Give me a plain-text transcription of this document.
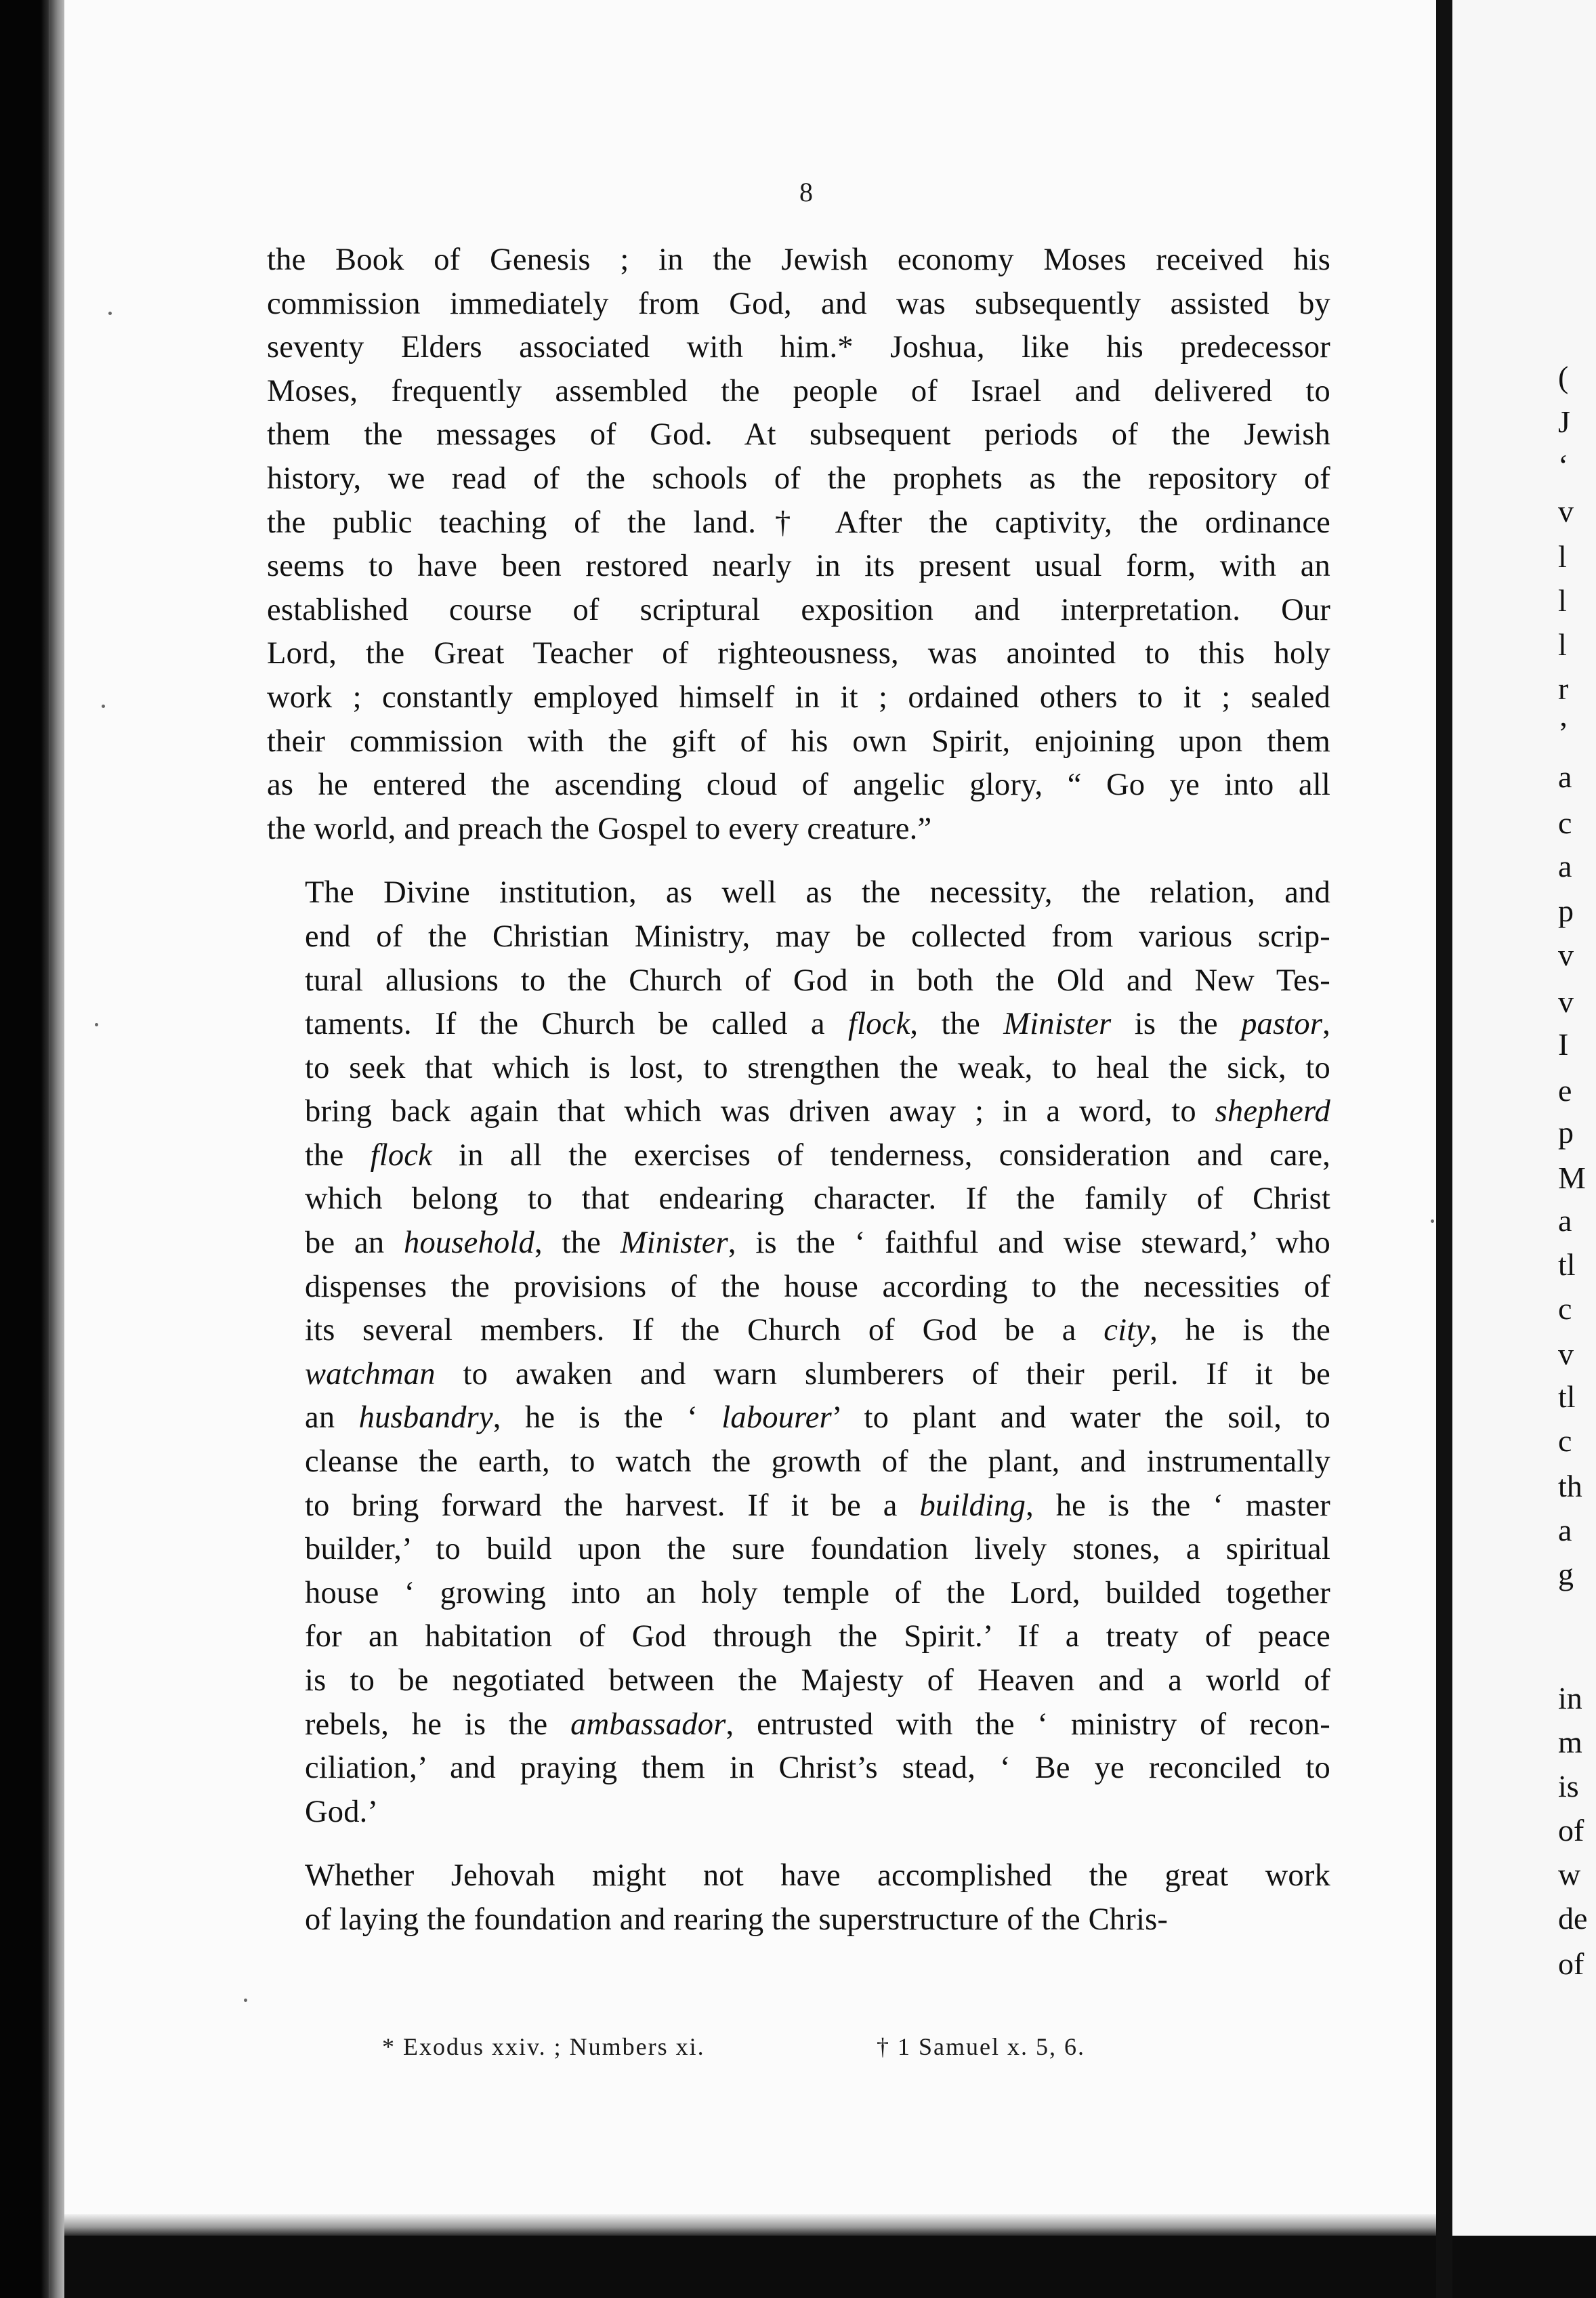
8

the Book of Genesis ; in the Jewish economy Moses received his
commission immediately from God, and was subsequently assisted by
seventy Elders associated with him.* Joshua, like his predecessor
Moses, frequently assembled the people of Israel and delivered to
them the messages of God. At subsequent periods of the Jewish
history, we read of the schools of the prophets as the repository of
the public teaching of the land.† After the captivity, the ordinance
seems to have been restored nearly in its present usual form, with an
established course of scriptural exposition and interpretation. Our
Lord, the Great Teacher of righteousness, was anointed to this holy
work ; constantly employed himself in it ; ordained others to it ; sealed
their commission with the gift of his own Spirit, enjoining upon them
as he entered the ascending cloud of angelic glory, “ Go ye into all
the world, and preach the Gospel to every creature.”

The Divine institution, as well as the necessity, the relation, and
end of the Christian Ministry, may be collected from various scrip-
tural allusions to the Church of God in both the Old and New Tes-
taments. If the Church be called a flock, the Minister is the pastor,
to seek that which is lost, to strengthen the weak, to heal the sick, to
bring back again that which was driven away ; in a word, to shepherd
the flock in all the exercises of tenderness, consideration and care,
which belong to that endearing character. If the family of Christ
be an household, the Minister, is the ‘ faithful and wise steward,’ who
dispenses the provisions of the house according to the necessities of
its several members. If the Church of God be a city, he is the
watchman to awaken and warn slumberers of their peril. If it be
an husbandry, he is the ‘ labourer’ to plant and water the soil, to
cleanse the earth, to watch the growth of the plant, and instrumentally
to bring forward the harvest. If it be a building, he is the ‘ master
builder,’ to build upon the sure foundation lively stones, a spiritual
house ‘ growing into an holy temple of the Lord, builded together
for an habitation of God through the Spirit.’ If a treaty of peace
is to be negotiated between the Majesty of Heaven and a world of
rebels, he is the ambassador, entrusted with the ‘ ministry of recon-
ciliation,’ and praying them in Christ’s stead, ‘ Be ye reconciled to
God.’

Whether Jehovah might not have accomplished the great work
of laying the foundation and rearing the superstructure of the Chris-

* Exodus xxiv. ; Numbers xi.	† 1 Samuel x. 5, 6.
(
J
‘
v
l
l
l
r
’
a
c
a
p
v
v
I
e
p
M
a
tl
c
v
tl
c
th
a
g
in
m
is
of
w
de
of
